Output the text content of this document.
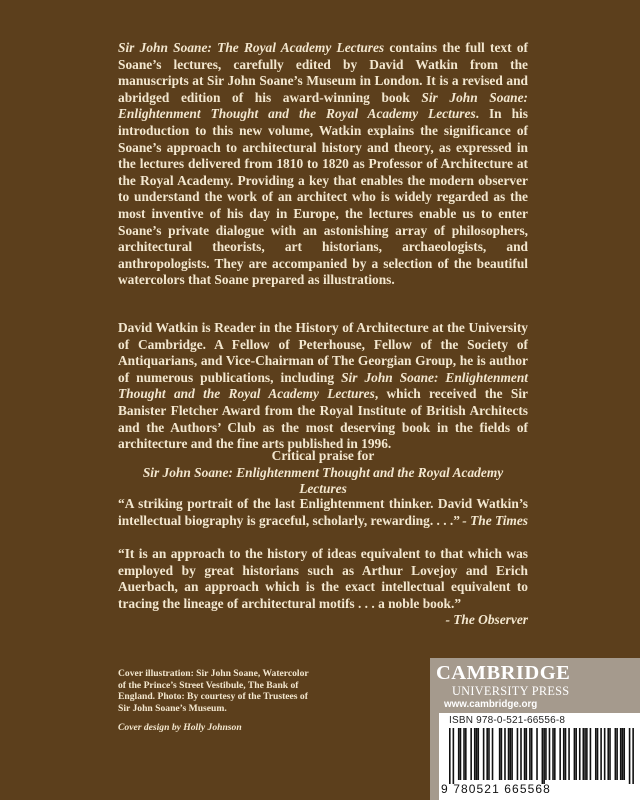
Sir John Soane: The Royal Academy Lectures contains the full text of Soane’s lectures, carefully edited by David Watkin from the manuscripts at Sir John Soane’s Museum in London. It is a revised and abridged edition of his award-winning book Sir John Soane: Enlightenment Thought and the Royal Academy Lectures. In his introduction to this new volume, Watkin explains the significance of Soane’s approach to architectural history and theory, as expressed in the lectures delivered from 1810 to 1820 as Professor of Architecture at the Royal Academy. Providing a key that enables the modern observer to understand the work of an architect who is widely regarded as the most inventive of his day in Europe, the lectures enable us to enter Soane’s private dialogue with an astonishing array of philosophers, architectural theorists, art historians, archaeologists, and anthropologists. They are accompanied by a selection of the beautiful watercolors that Soane prepared as illustrations.
David Watkin is Reader in the History of Architecture at the University of Cambridge. A Fellow of Peterhouse, Fellow of the Society of Antiquarians, and Vice-Chairman of The Georgian Group, he is author of numerous publications, including Sir John Soane: Enlightenment Thought and the Royal Academy Lectures, which received the Sir Banister Fletcher Award from the Royal Institute of British Architects and the Authors’ Club as the most deserving book in the fields of architecture and the fine arts published in 1996.
Critical praise for
Sir John Soane: Enlightenment Thought and the Royal Academy Lectures
“A striking portrait of the last Enlightenment thinker. David Watkin’s intellectual biography is graceful, scholarly, rewarding. . . .” - The Times
“It is an approach to the history of ideas equivalent to that which was employed by great historians such as Arthur Lovejoy and Erich Auerbach, an approach which is the exact intellectual equivalent to tracing the lineage of architectural motifs . . . a noble book.”
- The Observer
Cover illustration: Sir John Soane, Watercolor of the Prince’s Street Vestibule, The Bank of England. Photo: By courtesy of the Trustees of Sir John Soane’s Museum.
Cover design by Holly Johnson
CAMBRIDGE
UNIVERSITY PRESS
www.cambridge.org
ISBN 978-0-521-66556-8
9 780521 665568
